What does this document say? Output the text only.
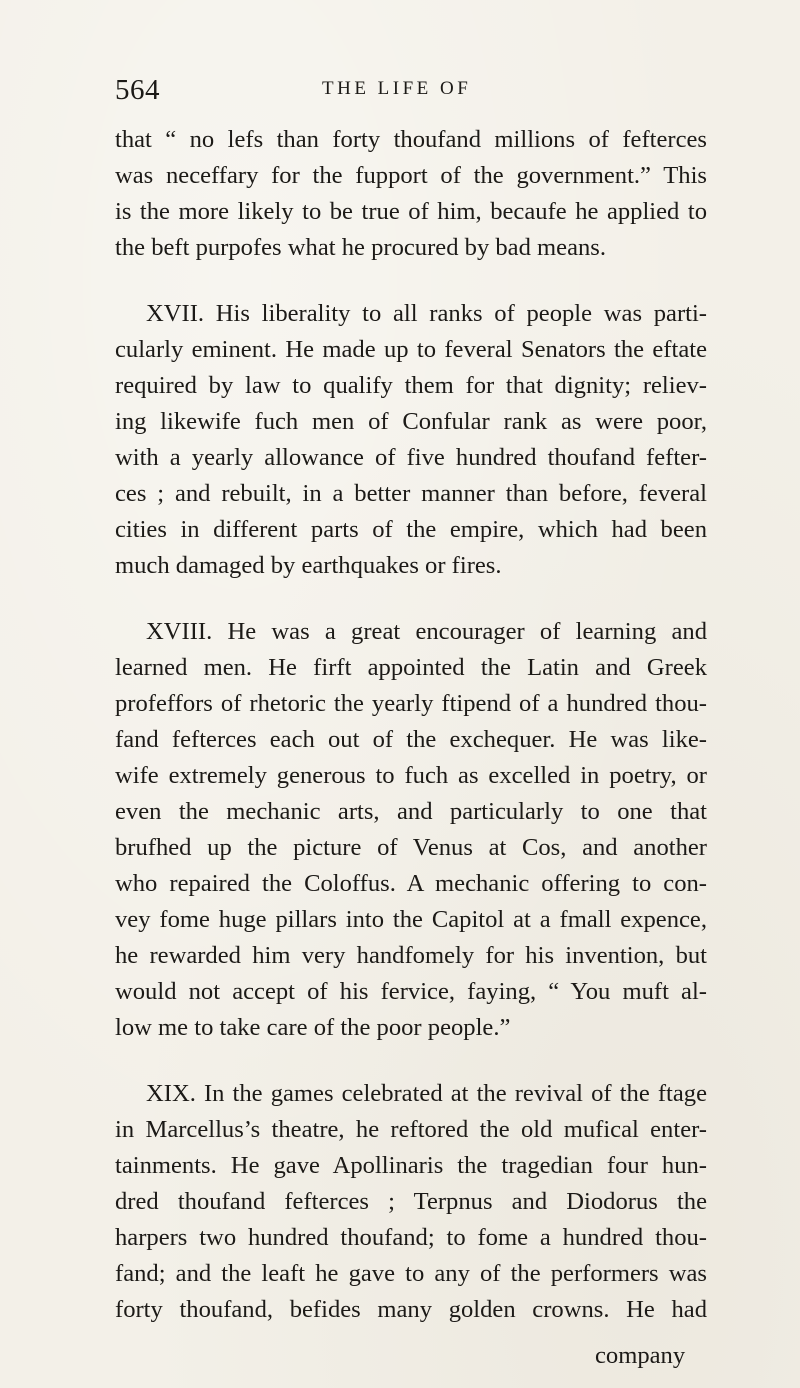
564	THE LIFE OF
that “ no lefs than forty thoufand millions of fefterces
was neceffary for the fupport of the government.” This
is the more likely to be true of him, becaufe he applied to
the beft purpofes what he procured by bad means.
XVII. His liberality to all ranks of people was parti-
cularly eminent. He made up to feveral Senators the eftate
required by law to qualify them for that dignity; reliev-
ing likewife fuch men of Confular rank as were poor,
with a yearly allowance of five hundred thoufand fefter-
ces ; and rebuilt, in a better manner than before, feveral
cities in different parts of the empire, which had been
much damaged by earthquakes or fires.
XVIII. He was a great encourager of learning and
learned men. He firft appointed the Latin and Greek
profeffors of rhetoric the yearly ftipend of a hundred thou-
fand fefterces each out of the exchequer. He was like-
wife extremely generous to fuch as excelled in poetry, or
even the mechanic arts, and particularly to one that
brufhed up the picture of Venus at Cos, and another
who repaired the Coloffus. A mechanic offering to con-
vey fome huge pillars into the Capitol at a fmall expence,
he rewarded him very handfomely for his invention, but
would not accept of his fervice, faying, “ You muft al-
low me to take care of the poor people.”
XIX. In the games celebrated at the revival of the ftage
in Marcellus’s theatre, he reftored the old mufical enter-
tainments. He gave Apollinaris the tragedian four hun-
dred thoufand fefterces ; Terpnus and Diodorus the
harpers two hundred thoufand; to fome a hundred thou-
fand; and the leaft he gave to any of the performers was
forty thoufand, befides many golden crowns. He had
company
